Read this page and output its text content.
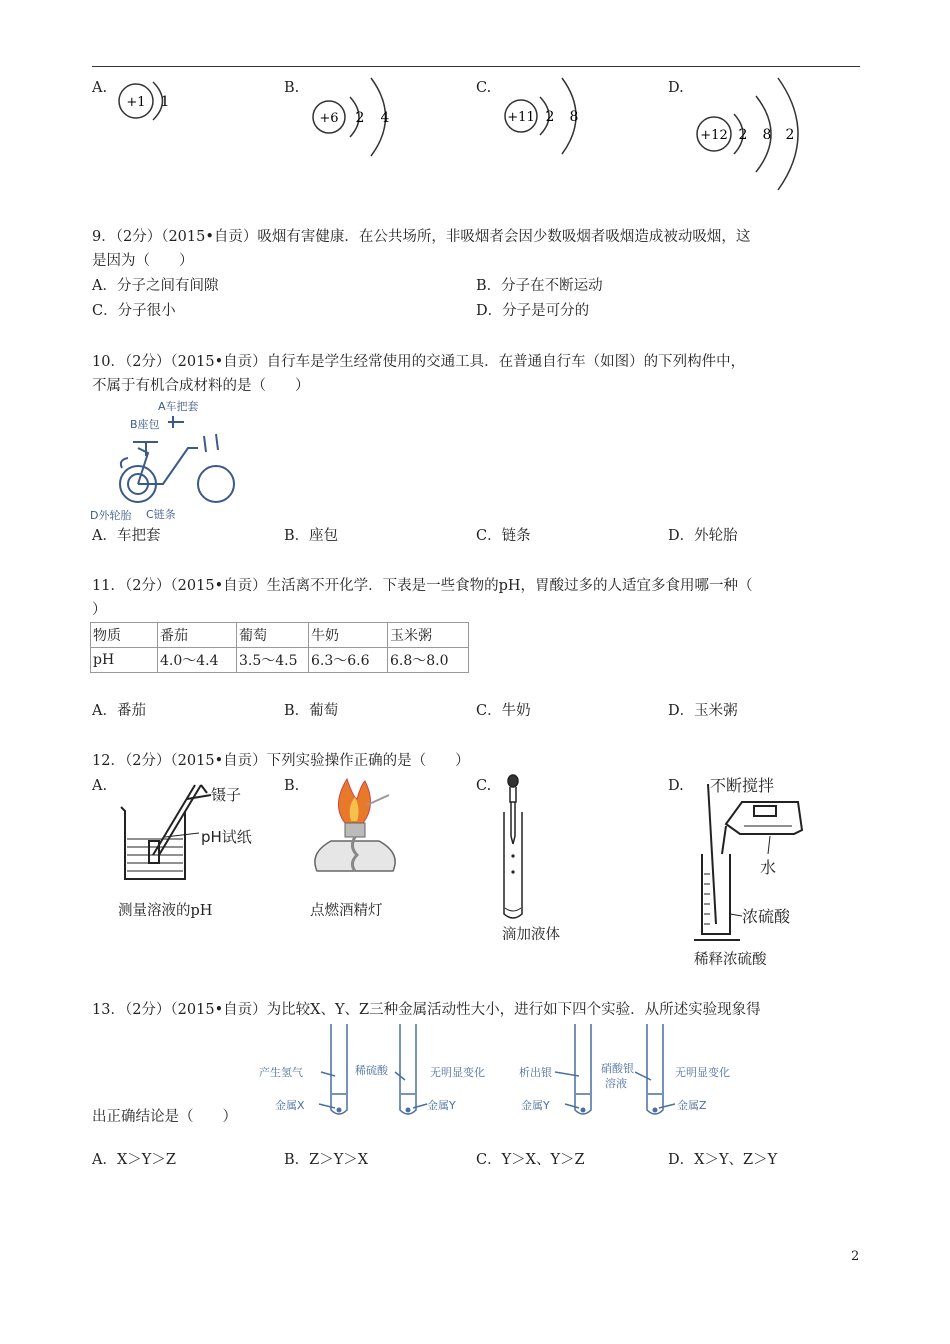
A.	B.	C.	D.
+1 1
+6 2 4	+11 2 8
+12 2 8 2
9．（2分）（2015•自贡）吸烟有害健康．在公共场所，非吸烟者会因少数吸烟者吸烟造成被动吸烟，这
是因为（　　）
A．分子之间有间隙	B．分子在不断运动
C．分子很小	D．分子是可分的
10．（2分）（2015•自贡）自行车是学生经常使用的交通工具．在普通自行车（如图）的下列构件中，
不属于有机合成材料的是（　　）
A车把套
B座包
D外轮胎 C链条
A．车把套	B．座包	C．链条	D．外轮胎
11．（2分）（2015•自贡）生活离不开化学．下表是一些食物的pH，胃酸过多的人适宜多食用哪一种（
）
物质	番茄	葡萄	牛奶	玉米粥
pH	4.0～4.4	3.5～4.5	6.3～6.6	6.8～8.0
A．番茄	B．葡萄	C．牛奶	D．玉米粥
12．（2分）（2015•自贡）下列实验操作正确的是（　　）
A.	B.	C.	D.
镊子
pH试纸
测量溶液的pH	点燃酒精灯
滴加液体
不断搅拌
水
浓硫酸
稀释浓硫酸
13．（2分）（2015•自贡）为比较X、Y、Z三种金属活动性大小，进行如下四个实验．从所述实验现象得
产生氢气	稀硫酸	无明显变化	析出银	硝酸银
溶液
无明显变化
金属X	金属Y	金属Y	金属Z
出正确结论是（　　）
A．X＞Y＞Z	B．Z＞Y＞X	C．Y＞X、Y＞Z	D．X＞Y、Z＞Y
2
